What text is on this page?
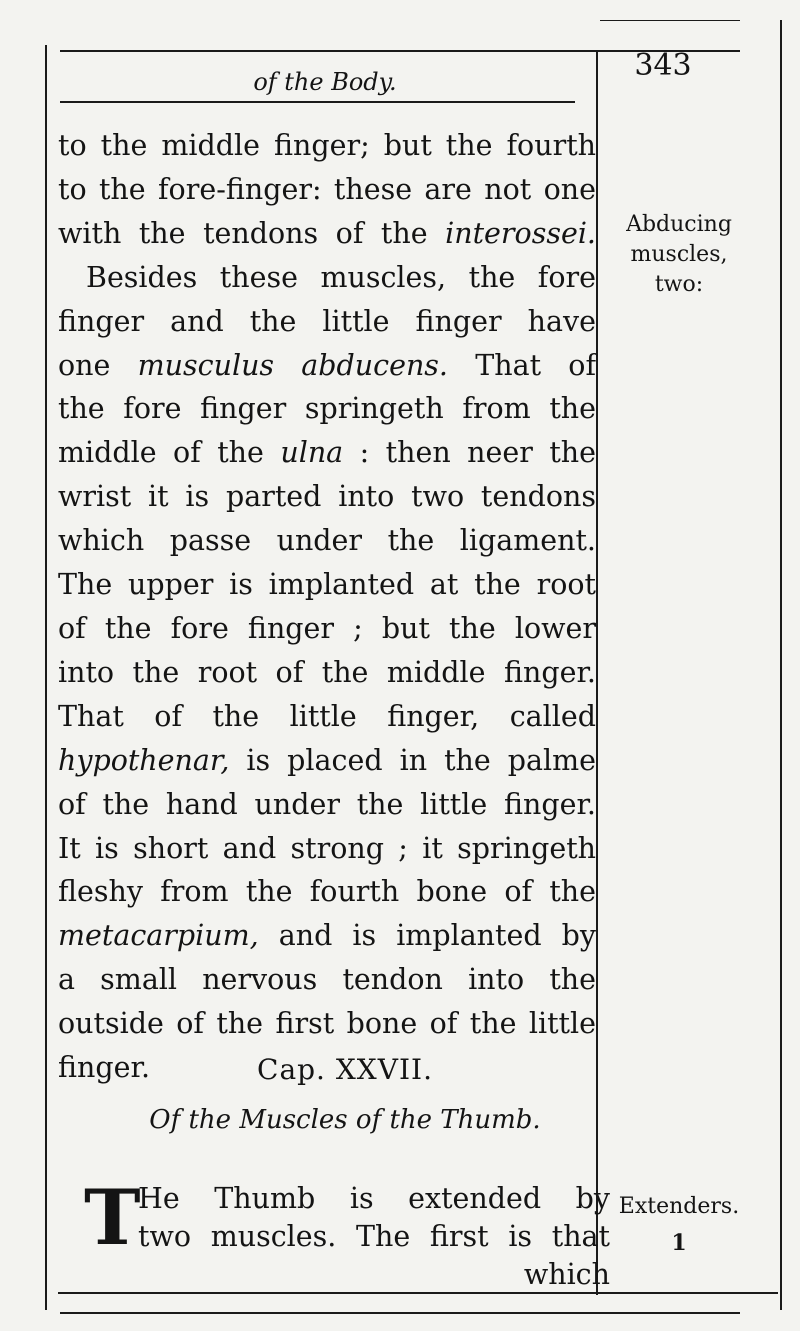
of the Body.	343
to the middle finger; but the fourth
to the fore-finger: these are not one
with the tendons of the interossei.
Besides these muscles, the fore
finger and the little finger have
one musculus abducens. That of
the fore finger springeth from the
middle of the ulna : then neer the
wrist it is parted into two tendons
which passe under the ligament.
The upper is implanted at the root
of the fore finger ; but the lower
into the root of the middle finger.
That of the little finger, called
hypothenar, is placed in the palme
of the hand under the little finger.
It is short and strong ; it springeth
fleshy from the fourth bone of the
metacarpium, and is implanted by
a small nervous tendon into the
outside of the first bone of the little
finger.
Abducing
muscles,
two:
Extenders.
1
Cap. XXVII.
Of the Muscles of the Thumb.
T
He Thumb is extended by
two muscles. The first is that
which
